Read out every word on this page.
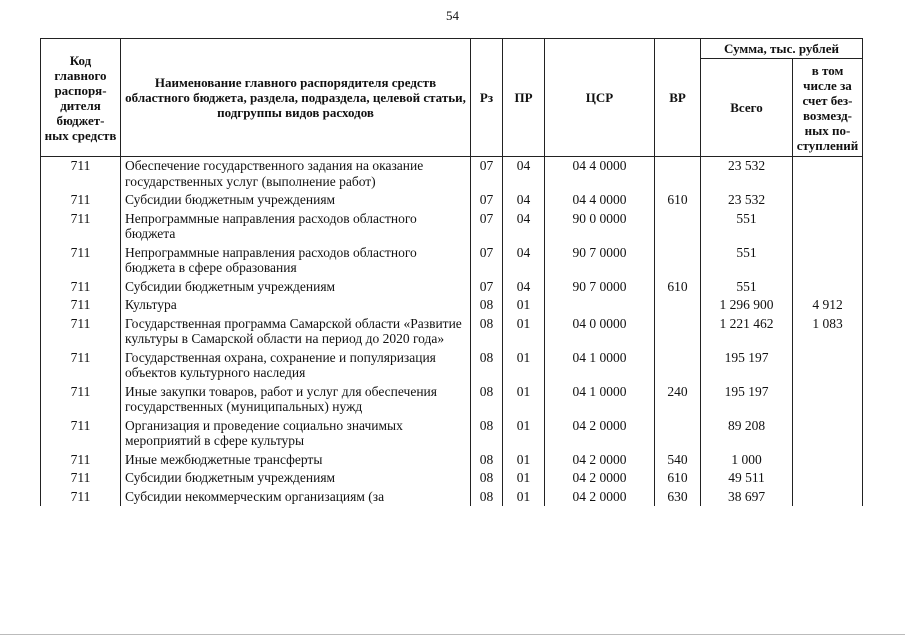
54
Код главного распоря- дителя бюджет- ных средств	Наименование главного распорядителя средств областного бюджета, раздела, подраздела, целевой статьи, подгруппы видов расходов	Рз	ПР	ЦСР	ВР	Сумма, тыс. рублей	
						Всего	в том числе за счет без- возмезд- ных по- ступлений
711	Обеспечение государственного задания на оказание государственных услуг (выполнение работ)	07	04	04 4 0000		23 532	
711	Субсидии бюджетным учреждениям	07	04	04 4 0000	610	23 532	
711	Непрограммные направления расходов областного бюджета	07	04	90 0 0000		551	
711	Непрограммные направления расходов областного бюджета в сфере образования	07	04	90 7 0000		551	
711	Субсидии бюджетным учреждениям	07	04	90 7 0000	610	551	
711	Культура	08	01			1 296 900	4 912
711	Государственная программа Самарской области «Развитие культуры в Самарской области на период до 2020 года»	08	01	04 0 0000		1 221 462	1 083
711	Государственная охрана, сохранение и популяризация объектов культурного наследия	08	01	04 1 0000		195 197	
711	Иные закупки товаров, работ и услуг для обеспечения государственных (муниципальных) нужд	08	01	04 1 0000	240	195 197	
711	Организация и проведение социально значимых мероприятий в сфере культуры	08	01	04 2 0000		89 208	
711	Иные межбюджетные трансферты	08	01	04 2 0000	540	1 000	
711	Субсидии бюджетным учреждениям	08	01	04 2 0000	610	49 511	
711	Субсидии некоммерческим организациям (за	08	01	04 2 0000	630	38 697	
